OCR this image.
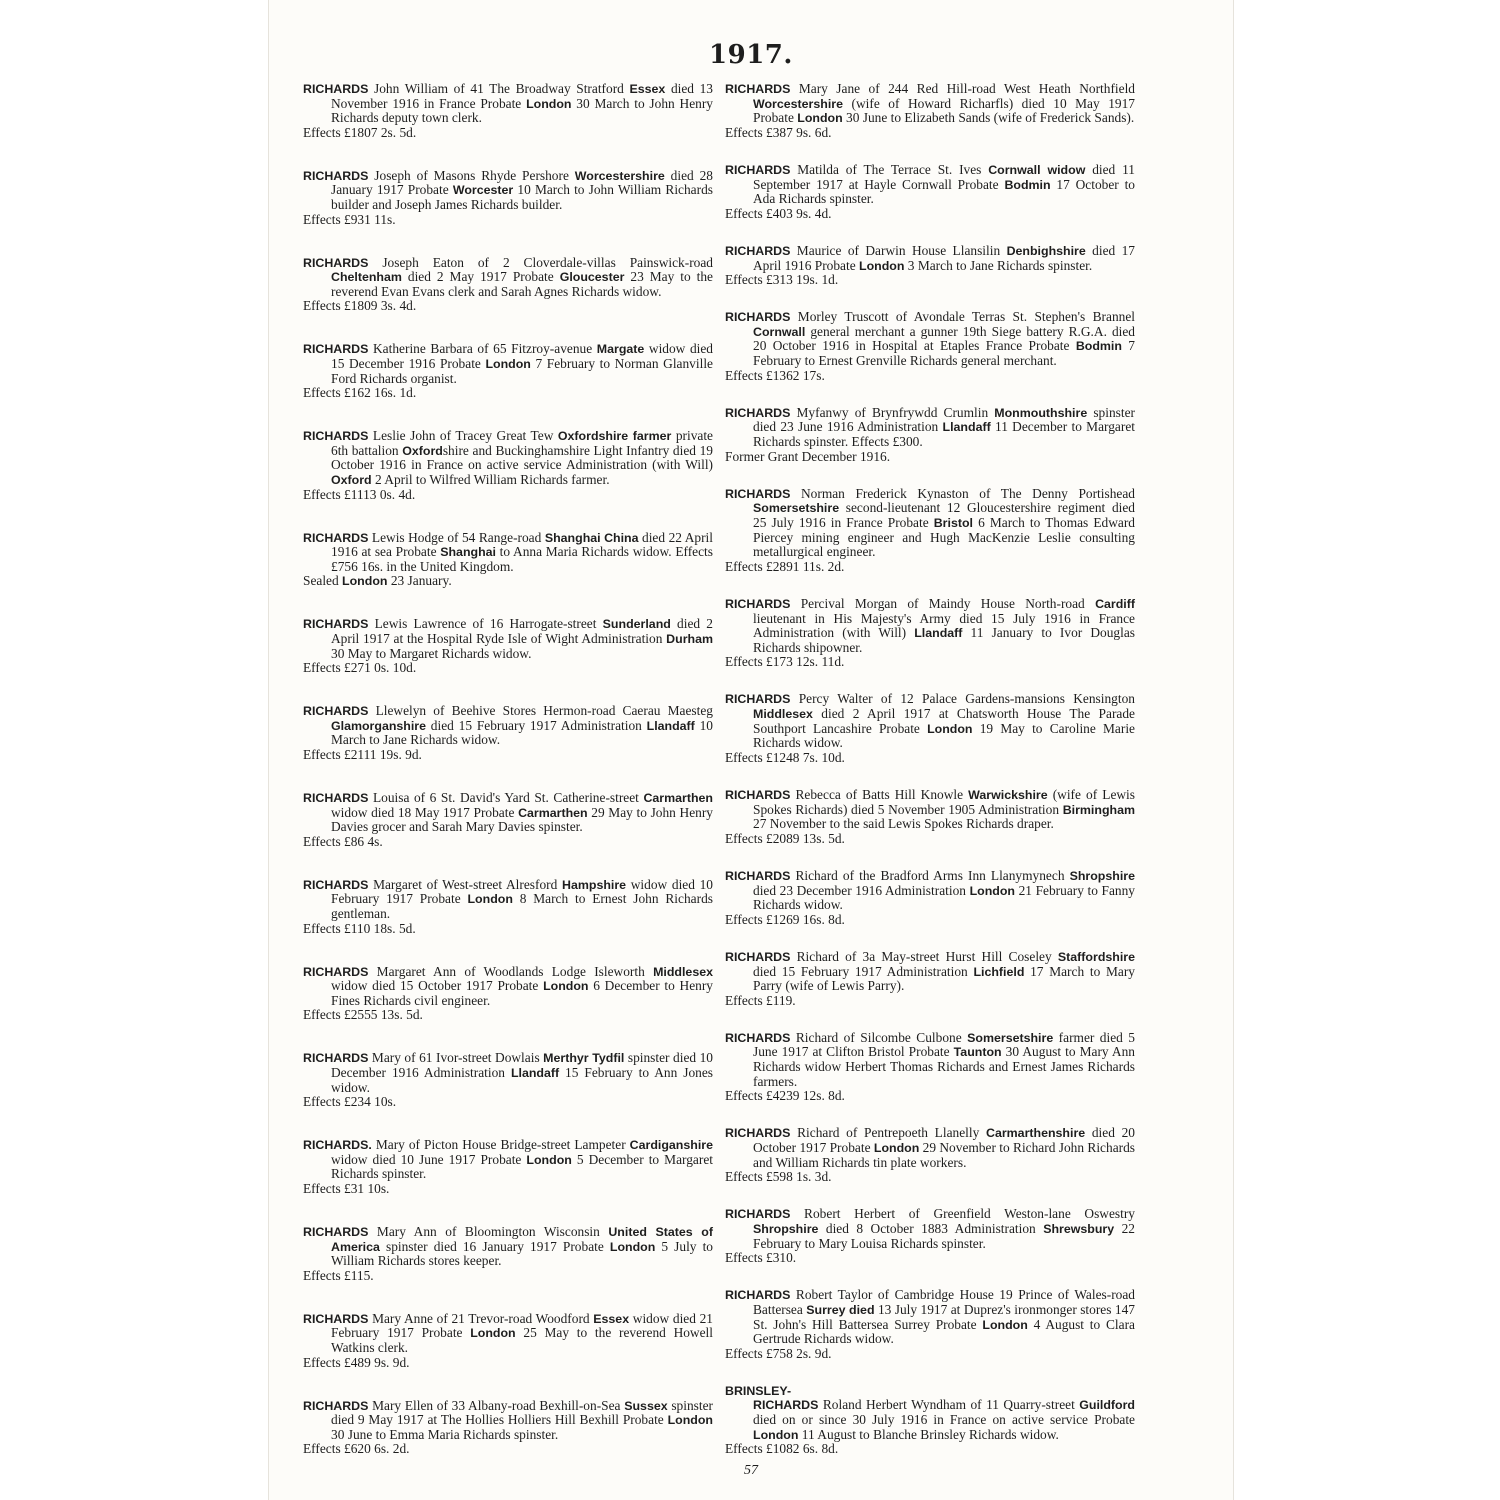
1917.
RICHARDS John William of 41 The Broadway Stratford Essex died 13 November 1916 in France Probate London 30 March to John Henry Richards deputy town clerk.
Effects £1807 2s. 5d.
RICHARDS Joseph of Masons Rhyde Pershore Worcestershire died 28 January 1917 Probate Worcester 10 March to John William Richards builder and Joseph James Richards builder.
Effects £931 11s.
RICHARDS Joseph Eaton of 2 Cloverdale-villas Painswick-road Cheltenham died 2 May 1917 Probate Gloucester 23 May to the reverend Evan Evans clerk and Sarah Agnes Richards widow.
Effects £1809 3s. 4d.
RICHARDS Katherine Barbara of 65 Fitzroy-avenue Margate widow died 15 December 1916 Probate London 7 February to Norman Glanville Ford Richards organist.
Effects £162 16s. 1d.
RICHARDS Leslie John of Tracey Great Tew Oxfordshire farmer private 6th battalion Oxfordshire and Buckinghamshire Light Infantry died 19 October 1916 in France on active service Administration (with Will) Oxford 2 April to Wilfred William Richards farmer.
Effects £1113 0s. 4d.
RICHARDS Lewis Hodge of 54 Range-road Shanghai China died 22 April 1916 at sea Probate Shanghai to Anna Maria Richards widow. Effects £756 16s. in the United Kingdom.
Sealed London 23 January.
RICHARDS Lewis Lawrence of 16 Harrogate-street Sunderland died 2 April 1917 at the Hospital Ryde Isle of Wight Administration Durham 30 May to Margaret Richards widow.
Effects £271 0s. 10d.
RICHARDS Llewelyn of Beehive Stores Hermon-road Caerau Maesteg Glamorganshire died 15 February 1917 Administration Llandaff 10 March to Jane Richards widow.
Effects £2111 19s. 9d.
RICHARDS Louisa of 6 St. David's Yard St. Catherine-street Carmarthen widow died 18 May 1917 Probate Carmarthen 29 May to John Henry Davies grocer and Sarah Mary Davies spinster.
Effects £86 4s.
RICHARDS Margaret of West-street Alresford Hampshire widow died 10 February 1917 Probate London 8 March to Ernest John Richards gentleman.
Effects £110 18s. 5d.
RICHARDS Margaret Ann of Woodlands Lodge Isleworth Middlesex widow died 15 October 1917 Probate London 6 December to Henry Fines Richards civil engineer.
Effects £2555 13s. 5d.
RICHARDS Mary of 61 Ivor-street Dowlais Merthyr Tydfil spinster died 10 December 1916 Administration Llandaff 15 February to Ann Jones widow.
Effects £234 10s.
RICHARDS. Mary of Picton House Bridge-street Lampeter Cardiganshire widow died 10 June 1917 Probate London 5 December to Margaret Richards spinster.
Effects £31 10s.
RICHARDS Mary Ann of Bloomington Wisconsin United States of America spinster died 16 January 1917 Probate London 5 July to William Richards stores keeper.
Effects £115.
RICHARDS Mary Anne of 21 Trevor-road Woodford Essex widow died 21 February 1917 Probate London 25 May to the reverend Howell Watkins clerk.
Effects £489 9s. 9d.
RICHARDS Mary Ellen of 33 Albany-road Bexhill-on-Sea Sussex spinster died 9 May 1917 at The Hollies Holliers Hill Bexhill Probate London 30 June to Emma Maria Richards spinster.
Effects £620 6s. 2d.
RICHARDS Mary Jane of 244 Red Hill-road West Heath Northfield Worcestershire (wife of Howard Richarfls) died 10 May 1917 Probate London 30 June to Elizabeth Sands (wife of Frederick Sands).
Effects £387 9s. 6d.
RICHARDS Matilda of The Terrace St. Ives Cornwall widow died 11 September 1917 at Hayle Cornwall Probate Bodmin 17 October to Ada Richards spinster.
Effects £403 9s. 4d.
RICHARDS Maurice of Darwin House Llansilin Denbighshire died 17 April 1916 Probate London 3 March to Jane Richards spinster.
Effects £313 19s. 1d.
RICHARDS Morley Truscott of Avondale Terras St. Stephen's Brannel Cornwall general merchant a gunner 19th Siege battery R.G.A. died 20 October 1916 in Hospital at Etaples France Probate Bodmin 7 February to Ernest Grenville Richards general merchant.
Effects £1362 17s.
RICHARDS Myfanwy of Brynfrywdd Crumlin Monmouthshire spinster died 23 June 1916 Administration Llandaff 11 December to Margaret Richards spinster. Effects £300.
Former Grant December 1916.
RICHARDS Norman Frederick Kynaston of The Denny Portishead Somersetshire second-lieutenant 12 Gloucestershire regiment died 25 July 1916 in France Probate Bristol 6 March to Thomas Edward Piercey mining engineer and Hugh MacKenzie Leslie consulting metallurgical engineer.
Effects £2891 11s. 2d.
RICHARDS Percival Morgan of Maindy House North-road Cardiff lieutenant in His Majesty's Army died 15 July 1916 in France Administration (with Will) Llandaff 11 January to Ivor Douglas Richards shipowner.
Effects £173 12s. 11d.
RICHARDS Percy Walter of 12 Palace Gardens-mansions Kensington Middlesex died 2 April 1917 at Chatsworth House The Parade Southport Lancashire Probate London 19 May to Caroline Marie Richards widow.
Effects £1248 7s. 10d.
RICHARDS Rebecca of Batts Hill Knowle Warwickshire (wife of Lewis Spokes Richards) died 5 November 1905 Administration Birmingham 27 November to the said Lewis Spokes Richards draper.
Effects £2089 13s. 5d.
RICHARDS Richard of the Bradford Arms Inn Llanymynech Shropshire died 23 December 1916 Administration London 21 February to Fanny Richards widow.
Effects £1269 16s. 8d.
RICHARDS Richard of 3a May-street Hurst Hill Coseley Staffordshire died 15 February 1917 Administration Lichfield 17 March to Mary Parry (wife of Lewis Parry).
Effects £119.
RICHARDS Richard of Silcombe Culbone Somersetshire farmer died 5 June 1917 at Clifton Bristol Probate Taunton 30 August to Mary Ann Richards widow Herbert Thomas Richards and Ernest James Richards farmers.
Effects £4239 12s. 8d.
RICHARDS Richard of Pentrepoeth Llanelly Carmarthenshire died 20 October 1917 Probate London 29 November to Richard John Richards and William Richards tin plate workers.
Effects £598 1s. 3d.
RICHARDS Robert Herbert of Greenfield Weston-lane Oswestry Shropshire died 8 October 1883 Administration Shrewsbury 22 February to Mary Louisa Richards spinster.
Effects £310.
RICHARDS Robert Taylor of Cambridge House 19 Prince of Wales-road Battersea Surrey died 13 July 1917 at Duprez's ironmonger stores 147 St. John's Hill Battersea Surrey Probate London 4 August to Clara Gertrude Richards widow.
Effects £758 2s. 9d.
BRINSLEY-
RICHARDS Roland Herbert Wyndham of 11 Quarry-street Guildford died on or since 30 July 1916 in France on active service Probate London 11 August to Blanche Brinsley Richards widow.
Effects £1082 6s. 8d.
57
